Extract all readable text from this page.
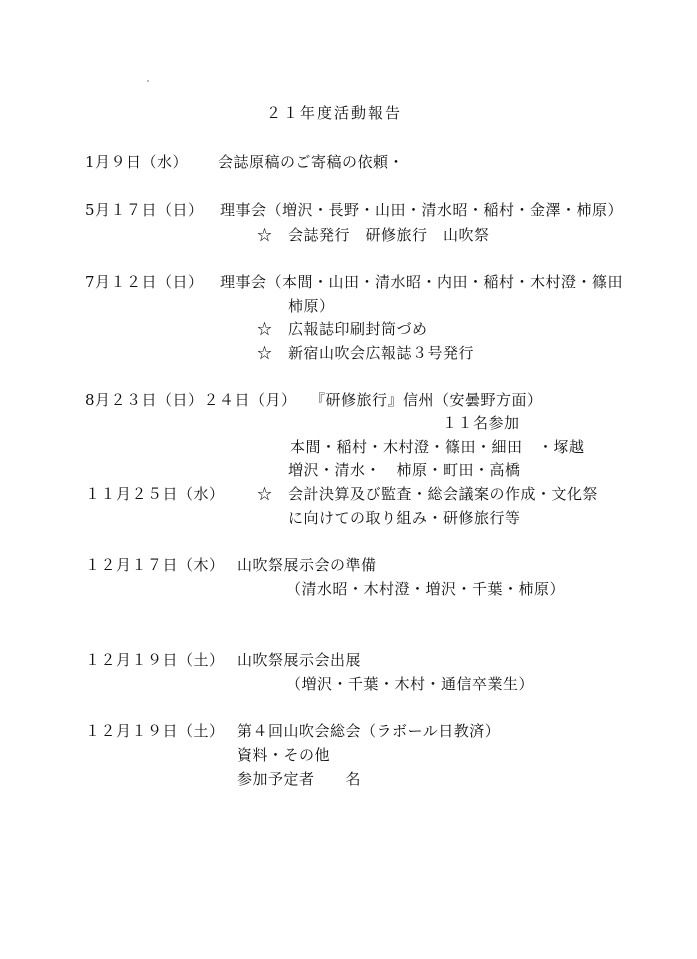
２１年度活動報告
1月９日（水） 会誌原稿のご寄稿の依頼・
5月１７日（日） 理事会（増沢・長野・山田・清水昭・稲村・金澤・柿原）
☆　会誌発行　研修旅行　山吹祭
7月１２日（日） 理事会（本間・山田・清水昭・内田・稲村・木村澄・篠田
柿原）
☆　広報誌印刷封筒づめ
☆　新宿山吹会広報誌３号発行
8月２３日（日）２４日（月） 『研修旅行』信州（安曇野方面）
１１名参加
本間・稲村・木村澄・篠田・細田　・塚越
増沢・清水・　柿原・町田・高橋
１１月２５日（水） ☆　会計決算及び監査・総会議案の作成・文化祭
に向けての取り組み・研修旅行等
１２月１７日（木） 山吹祭展示会の準備
（清水昭・木村澄・増沢・千葉・柿原）
１２月１９日（土） 山吹祭展示会出展
（増沢・千葉・木村・通信卒業生）
１２月１９日（土） 第４回山吹会総会（ラボール日教済）
資料・その他
参加予定者　　名
